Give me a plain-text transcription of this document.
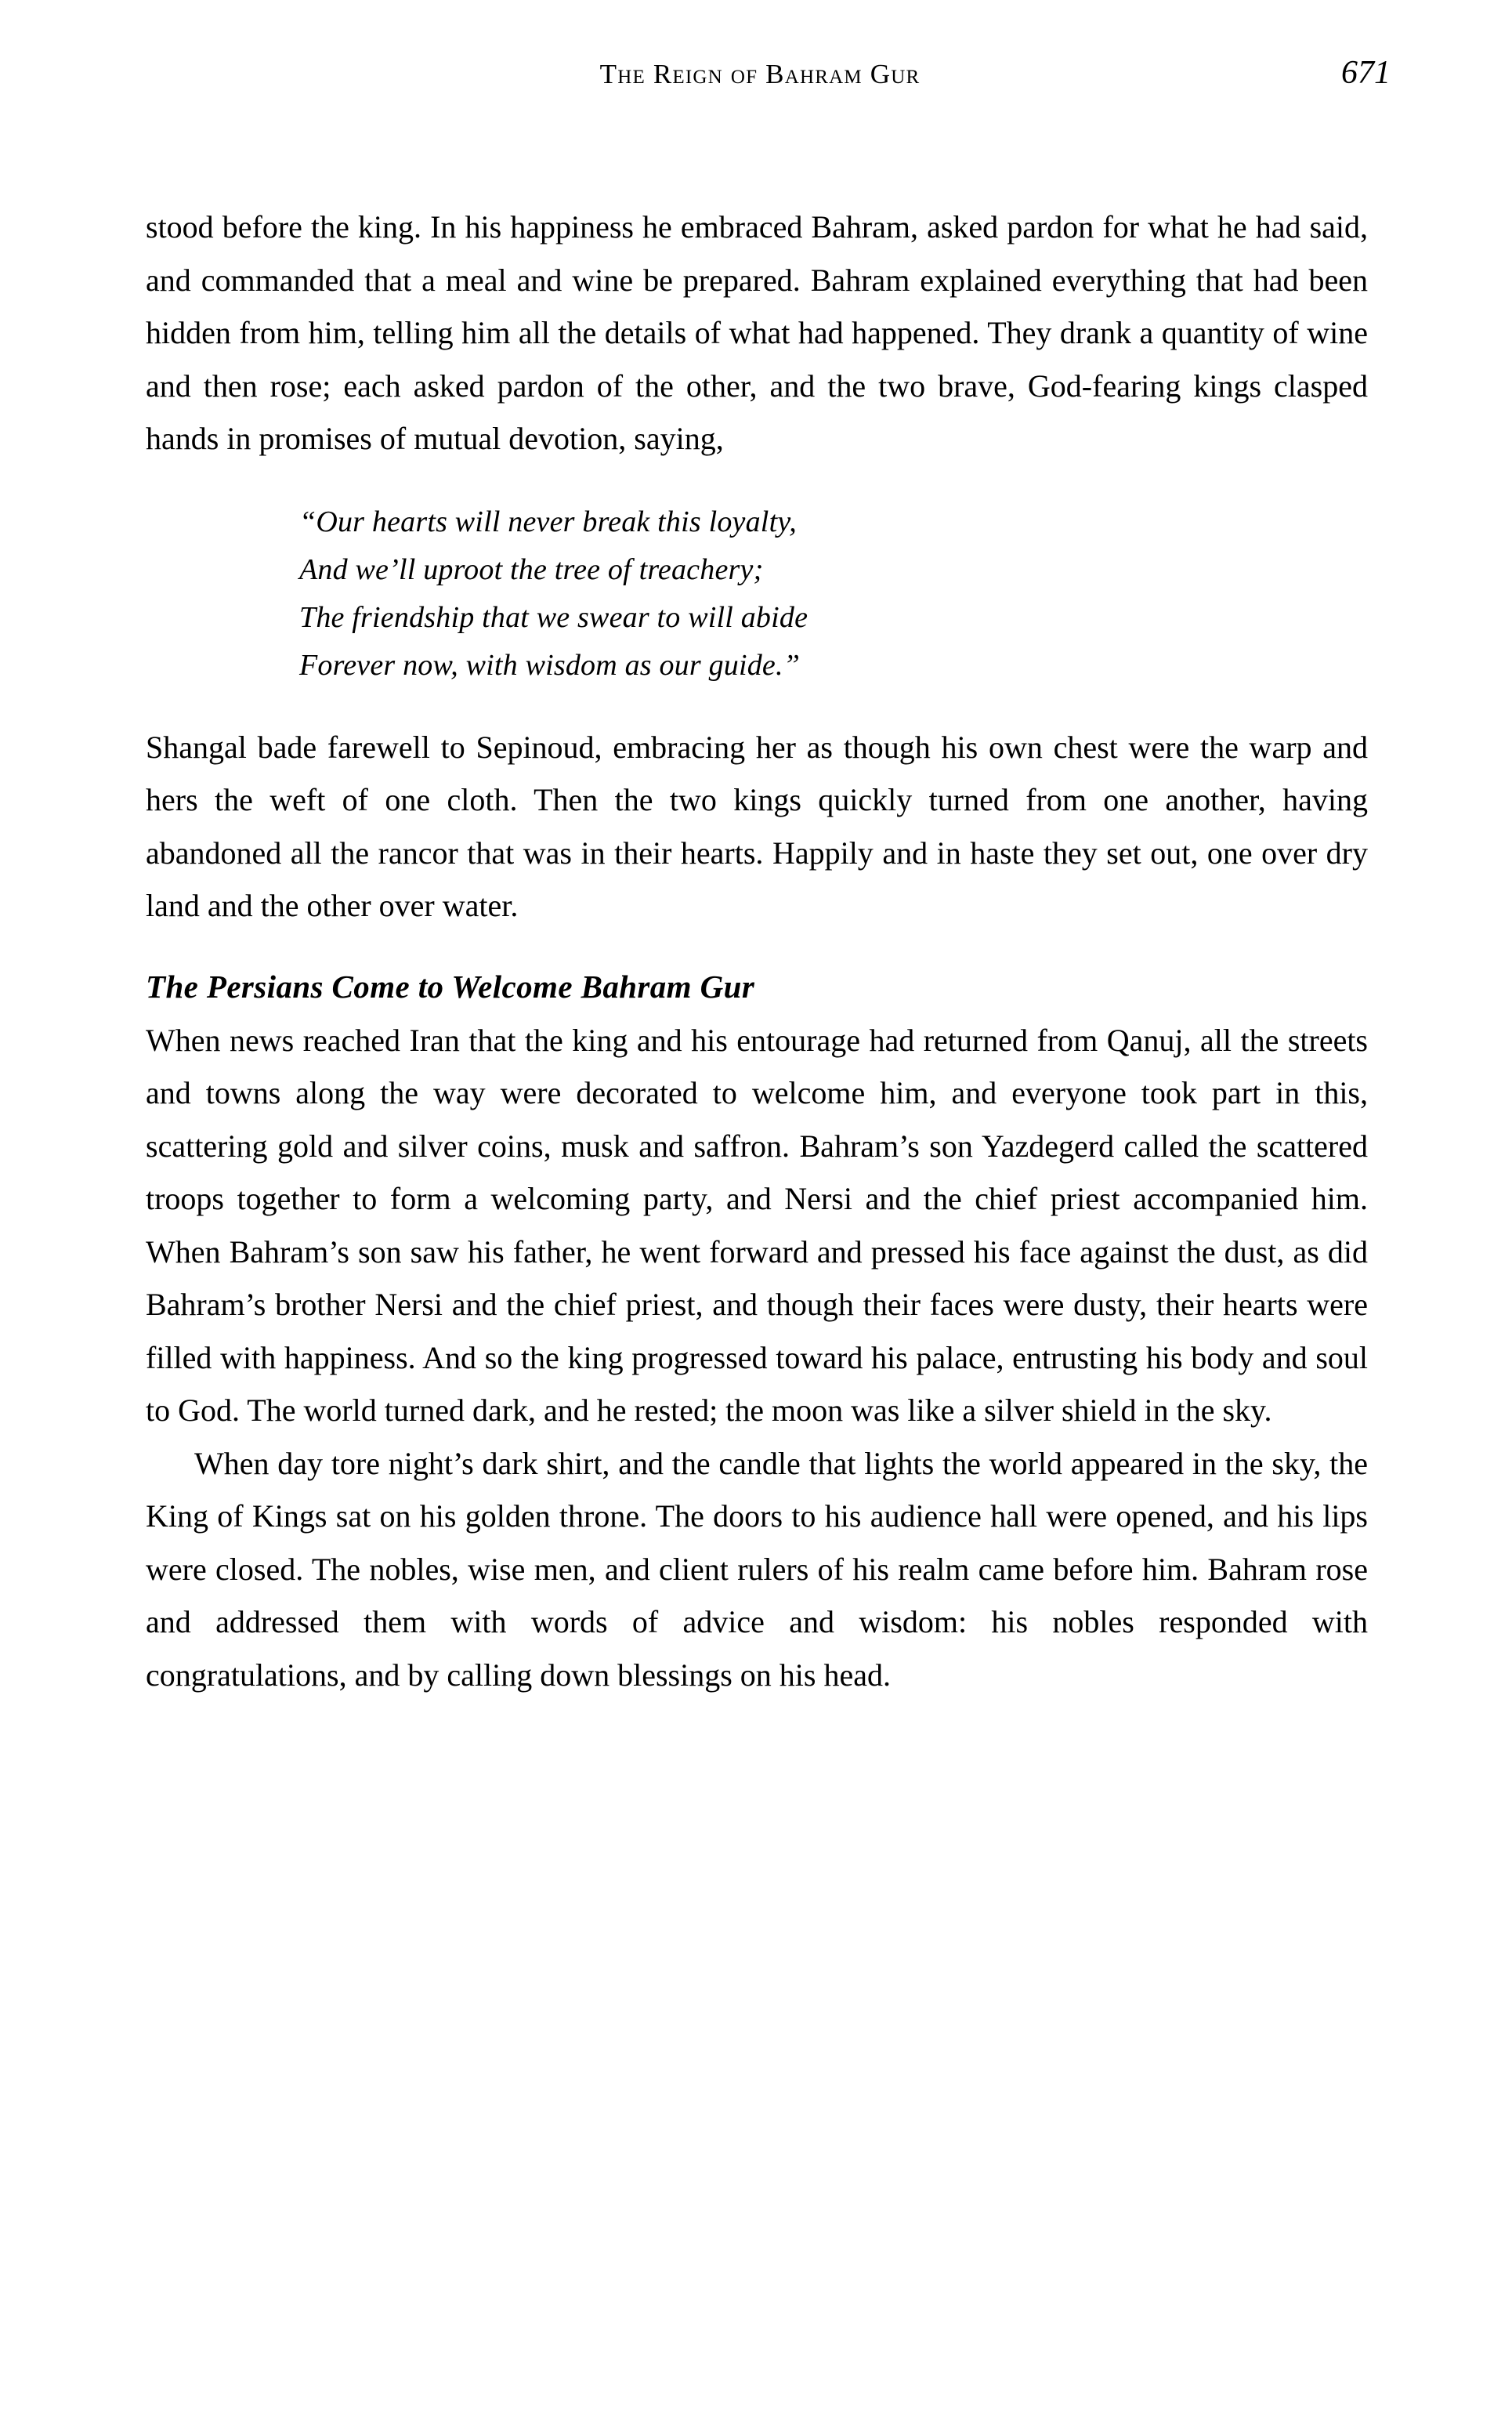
The Reign of Bahram Gur	671

stood before the king. In his happiness he embraced Bahram, asked pardon for what he had said, and commanded that a meal and wine be prepared. Bahram explained everything that had been hidden from him, telling him all the details of what had happened. They drank a quantity of wine and then rose; each asked pardon of the other, and the two brave, God-fearing kings clasped hands in promises of mutual devotion, saying,

“Our hearts will never break this loyalty,
And we’ll uproot the tree of treachery;
The friendship that we swear to will abide
Forever now, with wisdom as our guide.”

Shangal bade farewell to Sepinoud, embracing her as though his own chest were the warp and hers the weft of one cloth. Then the two kings quickly turned from one another, having abandoned all the rancor that was in their hearts. Happily and in haste they set out, one over dry land and the other over water.

The Persians Come to Welcome Bahram Gur

When news reached Iran that the king and his entourage had returned from Qanuj, all the streets and towns along the way were decorated to welcome him, and everyone took part in this, scattering gold and silver coins, musk and saffron. Bahram’s son Yazdegerd called the scattered troops together to form a welcoming party, and Nersi and the chief priest accompanied him. When Bahram’s son saw his father, he went forward and pressed his face against the dust, as did Bahram’s brother Nersi and the chief priest, and though their faces were dusty, their hearts were filled with happiness. And so the king progressed toward his palace, entrusting his body and soul to God. The world turned dark, and he rested; the moon was like a silver shield in the sky.

When day tore night’s dark shirt, and the candle that lights the world appeared in the sky, the King of Kings sat on his golden throne. The doors to his audience hall were opened, and his lips were closed. The nobles, wise men, and client rulers of his realm came before him. Bahram rose and addressed them with words of advice and wisdom: his nobles responded with congratulations, and by calling down blessings on his head.
